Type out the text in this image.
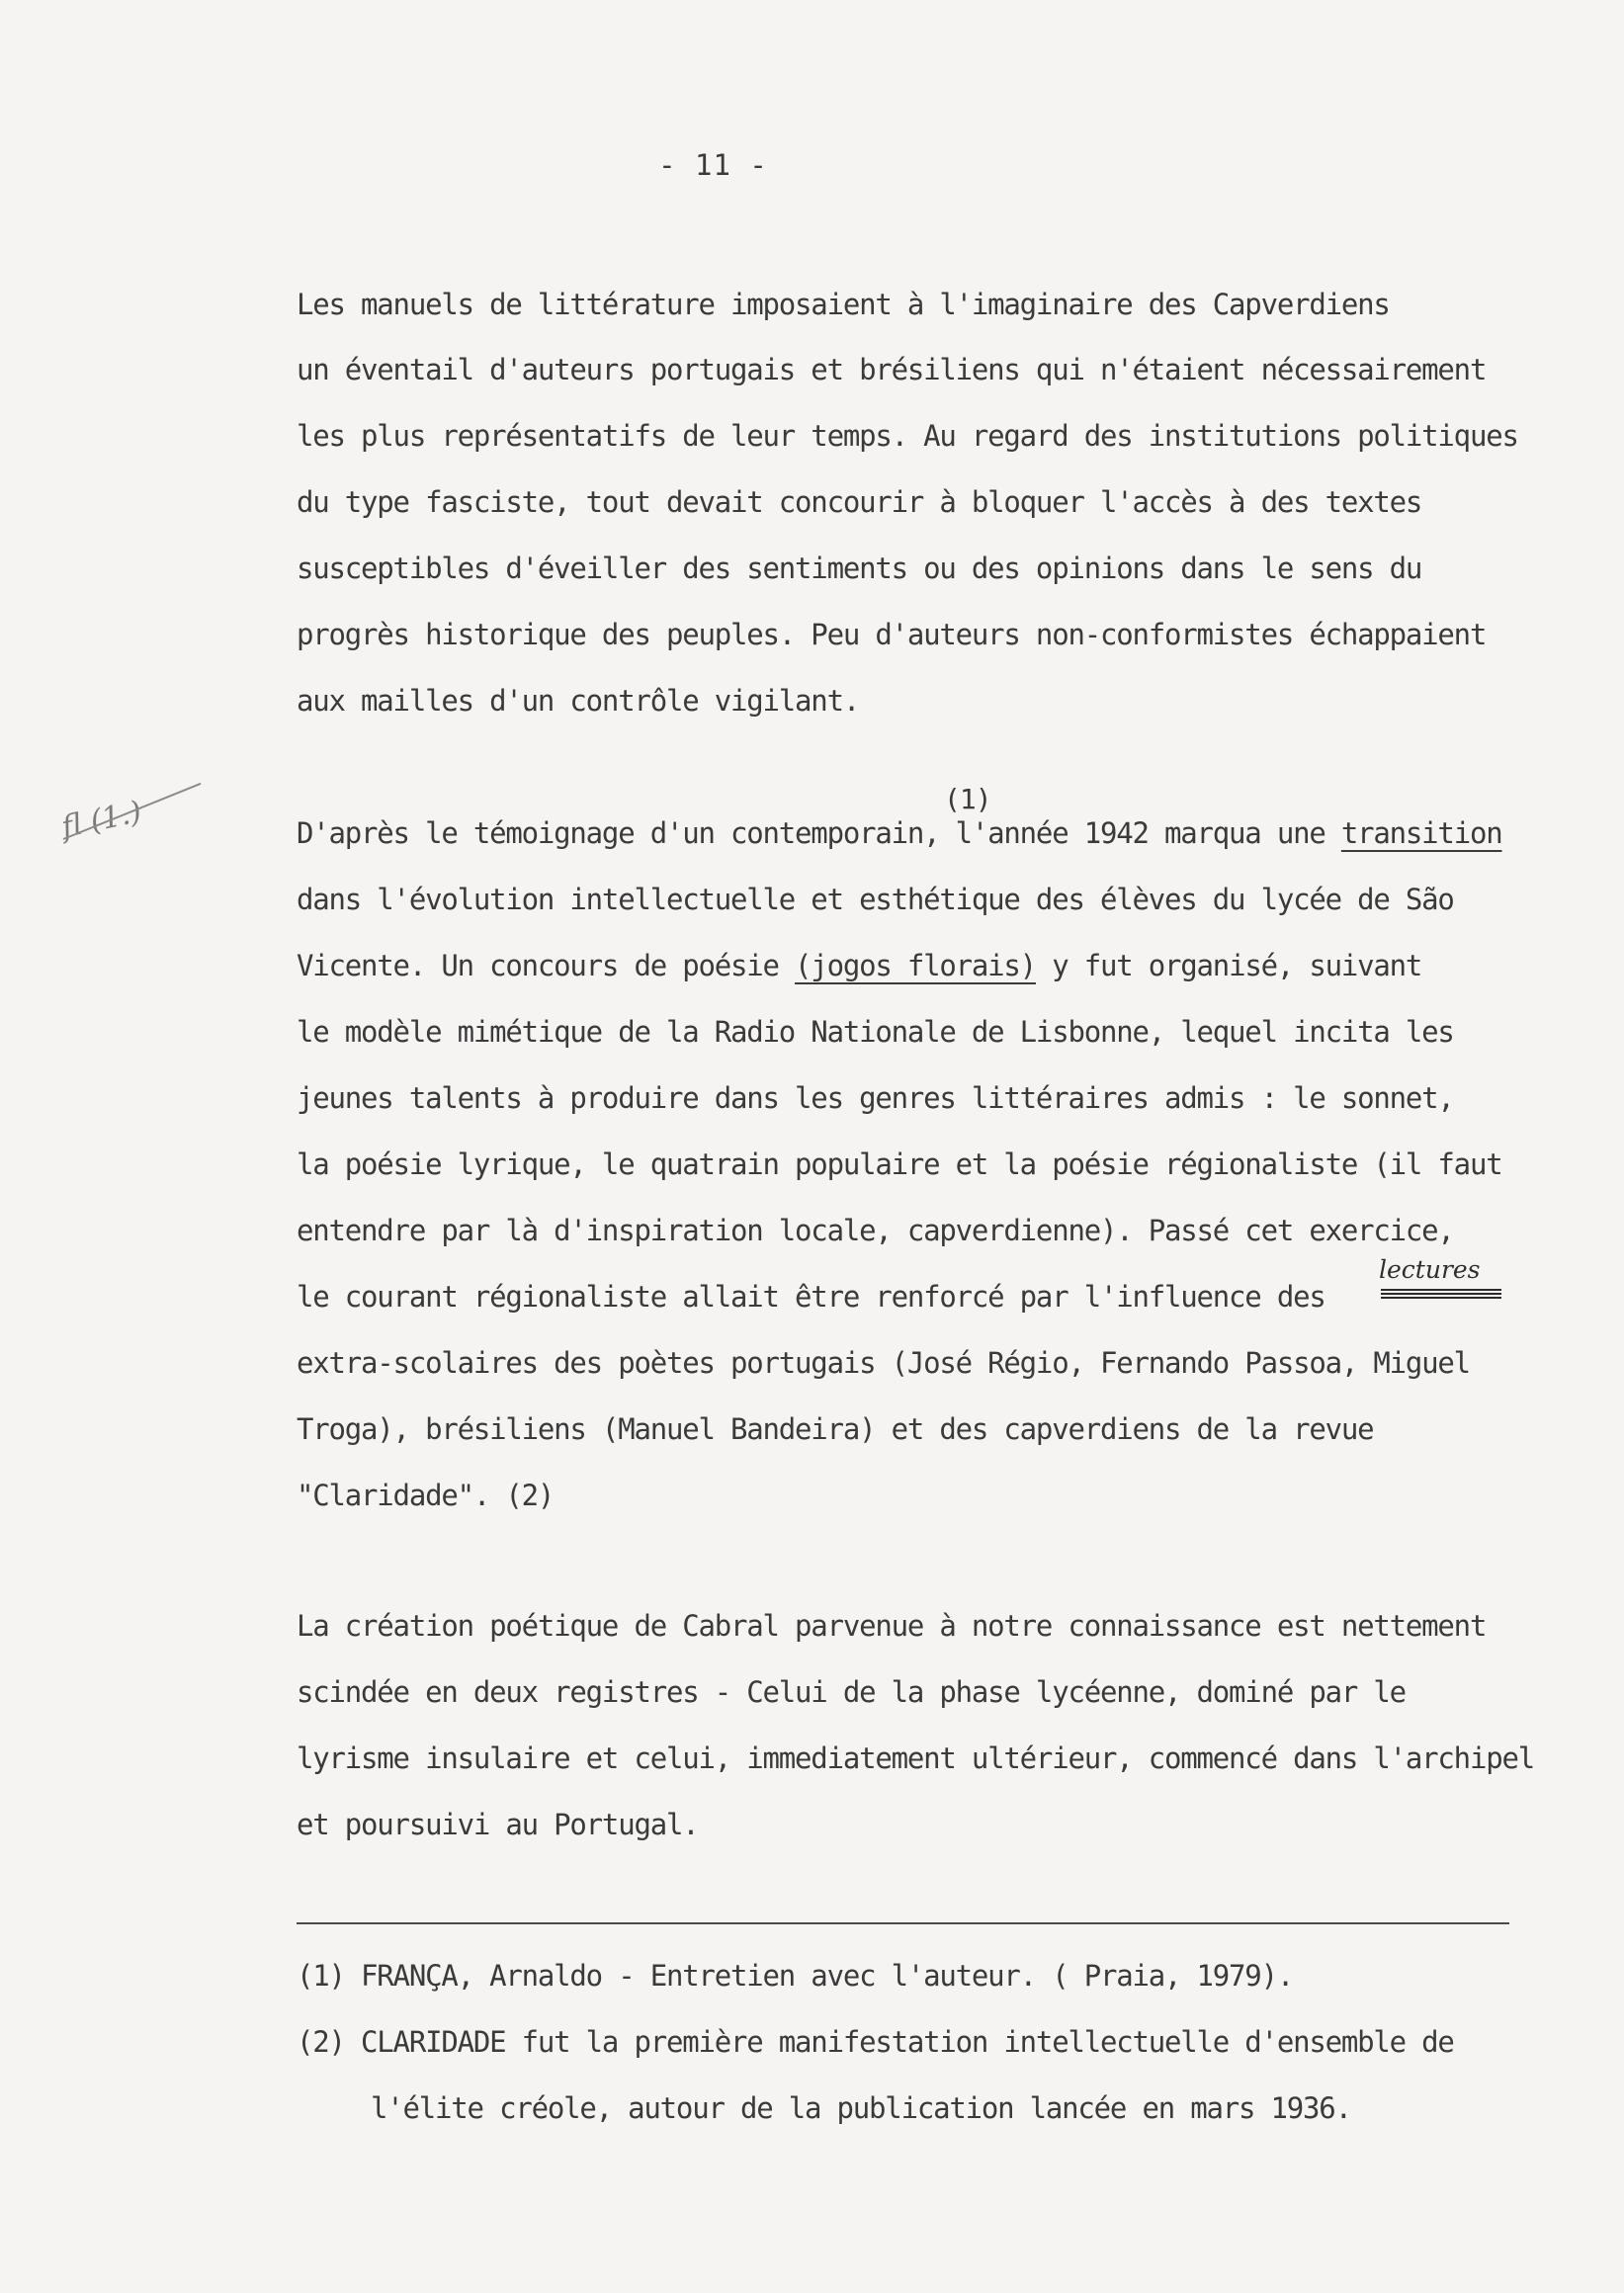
- 11 -
Les manuels de littérature imposaient à l'imaginaire des Capverdiens
un éventail d'auteurs portugais et brésiliens qui n'étaient nécessairement
les plus représentatifs de leur temps. Au regard des institutions politiques
du type fasciste, tout devait concourir à bloquer l'accès à des textes
susceptibles d'éveiller des sentiments ou des opinions dans le sens du
progrès historique des peuples. Peu d'auteurs non-conformistes échappaient
aux mailles d'un contrôle vigilant.
fl (1.)	(1)
D'après le témoignage d'un contemporain, l'année 1942 marqua une transition
dans l'évolution intellectuelle et esthétique des élèves du lycée de São
Vicente. Un concours de poésie (jogos florais) y fut organisé, suivant
le modèle mimétique de la Radio Nationale de Lisbonne, lequel incita les
jeunes talents à produire dans les genres littéraires admis : le sonnet,
la poésie lyrique, le quatrain populaire et la poésie régionaliste (il faut
entendre par là d'inspiration locale, capverdienne). Passé cet exercice,
le courant régionaliste allait être renforcé par l'influence des
lectures
extra-scolaires des poètes portugais (José Régio, Fernando Passoa, Miguel
Troga), brésiliens (Manuel Bandeira) et des capverdiens de la revue
"Claridade". (2)
La création poétique de Cabral parvenue à notre connaissance est nettement
scindée en deux registres - Celui de la phase lycéenne, dominé par le
lyrisme insulaire et celui, immediatement ultérieur, commencé dans l'archipel
et poursuivi au Portugal.
(1) FRANÇA, Arnaldo - Entretien avec l'auteur. ( Praia, 1979).
(2) CLARIDADE fut la première manifestation intellectuelle d'ensemble de
l'élite créole, autour de la publication lancée en mars 1936.
